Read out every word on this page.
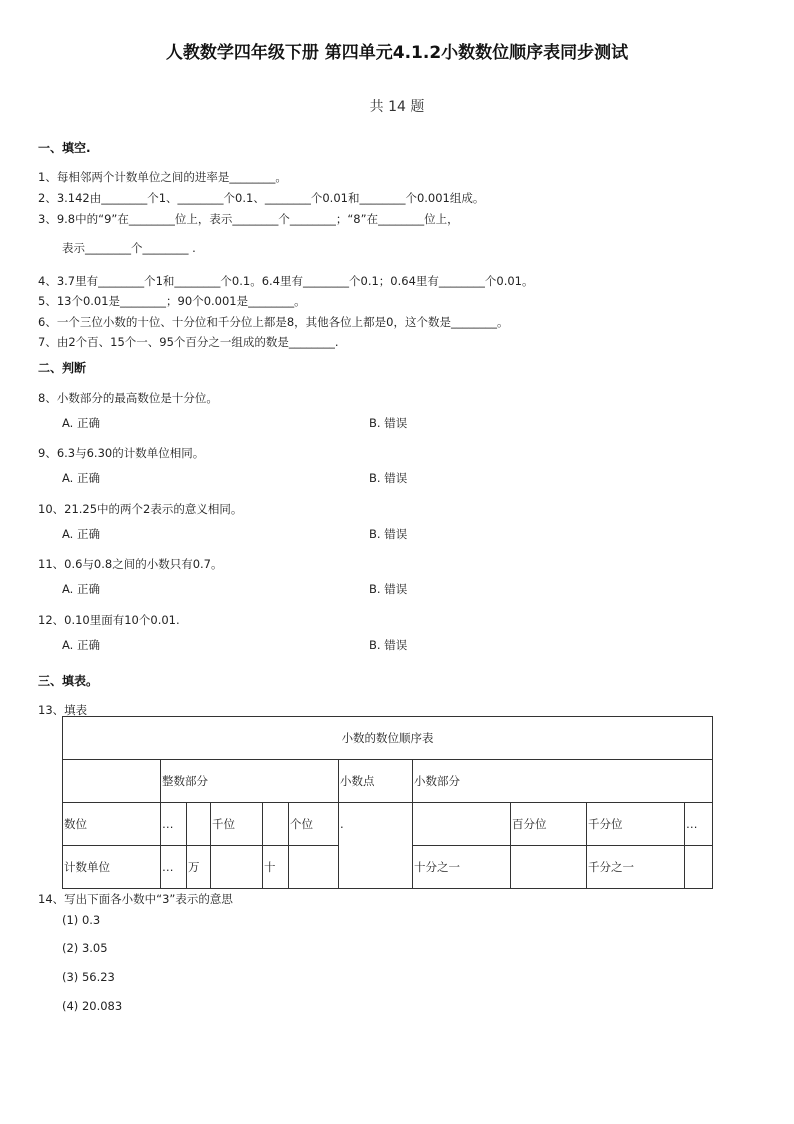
人教数学四年级下册 第四单元4.1.2小数数位顺序表同步测试
共 14 题
一、填空.
1、每相邻两个计数单位之间的进率是________。
2、3.142由________个1、________个0.1、________个0.01和________个0.001组成。
3、9.8中的“9”在________位上，表示________个________；“8”在________位上，
表示________个________ .
4、3.7里有________个1和________个0.1。6.4里有________个0.1；0.64里有________个0.01。
5、13个0.01是________；90个0.001是________。
6、一个三位小数的十位、十分位和千分位上都是8，其他各位上都是0，这个数是________。
7、由2个百、15个一、95个百分之一组成的数是________.
二、判断
8、小数部分的最高数位是十分位。
A. 正确	B. 错误
9、6.3与6.30的计数单位相同。
A. 正确	B. 错误
10、21.25中的两个2表示的意义相同。
A. 正确	B. 错误
11、0.6与0.8之间的小数只有0.7。
A. 正确	B. 错误
12、0.10里面有10个0.01.
A. 正确	B. 错误
三、填表。
13、填表
小数的数位顺序表										
	整数部分					小数点	小数部分			
数位	…		千位		个位	.		百分位	千分位	…
计数单位	…	万		十			十分之一		千分之一	
14、写出下面各小数中“3”表示的意思
(1) 0.3
(2) 3.05
(3) 56.23
(4) 20.083
